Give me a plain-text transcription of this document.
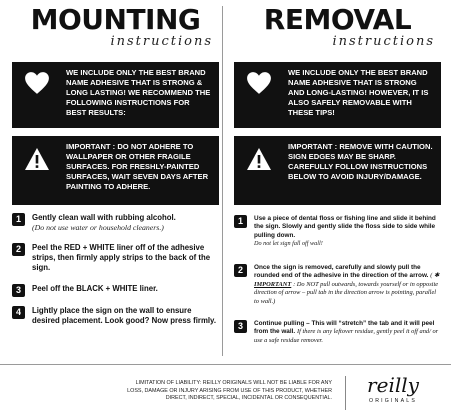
MOUNTING
instructions
WE INCLUDE ONLY THE BEST BRAND NAME ADHESIVE THAT IS STRONG & LONG LASTING! WE RECOMMEND THE FOLLOWING INSTRUCTIONS FOR BEST RESULTS:
IMPORTANT : DO NOT ADHERE TO WALLPAPER OR OTHER FRAGILE SURFACES. FOR FRESHLY-PAINTED SURFACES, WAIT SEVEN DAYS AFTER PAINTING TO ADHERE.
1	Gently clean wall with rubbing alcohol.
(Do not use water or household cleaners.)
2	Peel the RED + WHITE liner off of the adhesive strips, then firmly apply strips to the back of the sign.
3	Peel off the BLACK + WHITE liner.
4	Lightly place the sign on the wall to ensure desired placement. Look good? Now press firmly.
REMOVAL
instructions
WE INCLUDE ONLY THE BEST BRAND NAME ADHESIVE THAT IS STRONG AND LONG-LASTING! HOWEVER, IT IS ALSO SAFELY REMOVABLE WITH THESE TIPS!
IMPORTANT : REMOVE WITH CAUTION. SIGN EDGES MAY BE SHARP. CAREFULLY FOLLOW INSTRUCTIONS BELOW TO AVOID INJURY/DAMAGE.
1	Use a piece of dental floss or fishing line and slide it behind the sign. Slowly and gently slide the floss side to side while pulling down.
Do not let sign fall off wall!
2	Once the sign is removed, carefully and slowly pull the rounded end of the adhesive in the direction of the arrow. ( ✱ IMPORTANT : Do NOT pull outwards, towards yourself or in opposite direction of arrow – pull tab in the direction arrow is pointing, parallel to wall.)
3	Continue pulling – This will “stretch” the tab and it will peel from the wall. If there is any leftover residue, gently peel it off and/ or use a safe residue remover.
LIMITATION OF LIABILITY: REILLY ORIGINALS WILL NOT BE LIABLE FOR ANY
LOSS, DAMAGE OR INJURY ARISING FROM USE OF THIS PRODUCT, WHETHER
DIRECT, INDIRECT, SPECIAL, INCIDENTAL OR CONSEQUENTIAL.
reilly
ORIGINALS
